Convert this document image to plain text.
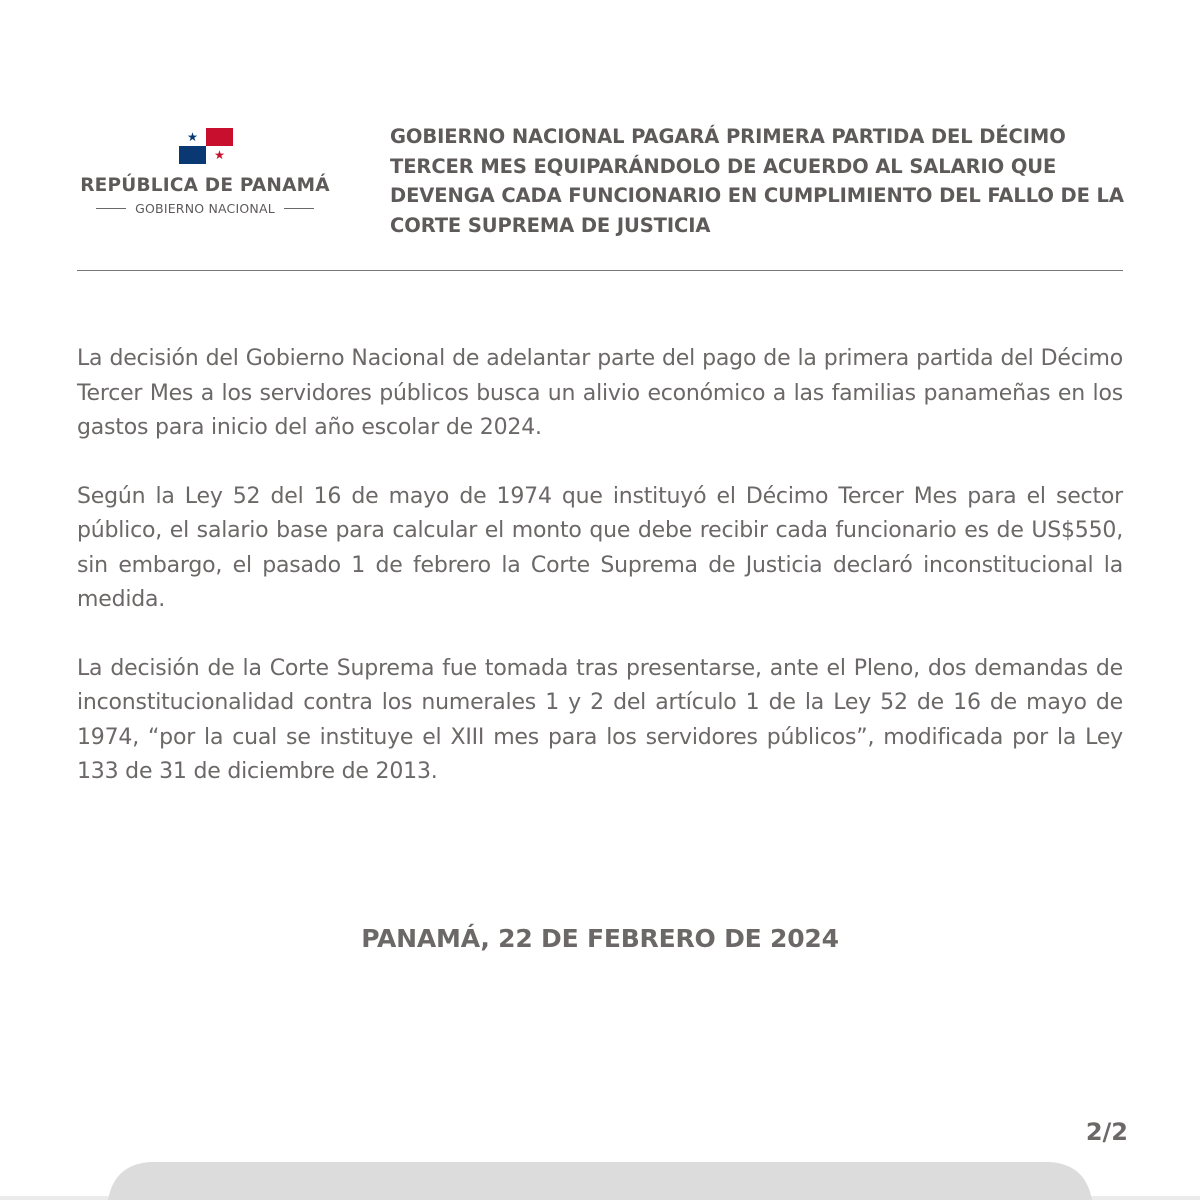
REPÚBLICA DE PANAMÁ
GOBIERNO NACIONAL
GOBIERNO NACIONAL PAGARÁ PRIMERA PARTIDA DEL DÉCIMO TERCER MES EQUIPARÁNDOLO DE ACUERDO AL SALARIO QUE DEVENGA CADA FUNCIONARIO EN CUMPLIMIENTO DEL FALLO DE LA CORTE SUPREMA DE JUSTICIA

La decisión del Gobierno Nacional de adelantar parte del pago de la primera partida del Décimo Tercer Mes a los servidores públicos busca un alivio económico a las familias panameñas en los gastos para inicio del año escolar de 2024.

Según la Ley 52 del 16 de mayo de 1974 que instituyó el Décimo Tercer Mes para el sector público, el salario base para calcular el monto que debe recibir cada funcionario es de US$550, sin embargo, el pasado 1 de febrero la Corte Suprema de Justicia declaró inconstitucional la medida.

La decisión de la Corte Suprema fue tomada tras presentarse, ante el Pleno, dos demandas de inconstitucionalidad contra los numerales 1 y 2 del artículo 1 de la Ley 52 de 16 de mayo de 1974, “por la cual se instituye el XIII mes para los servidores públicos”, modificada por la Ley 133 de 31 de diciembre de 2013.

PANAMÁ, 22 DE FEBRERO DE 2024
2/2
